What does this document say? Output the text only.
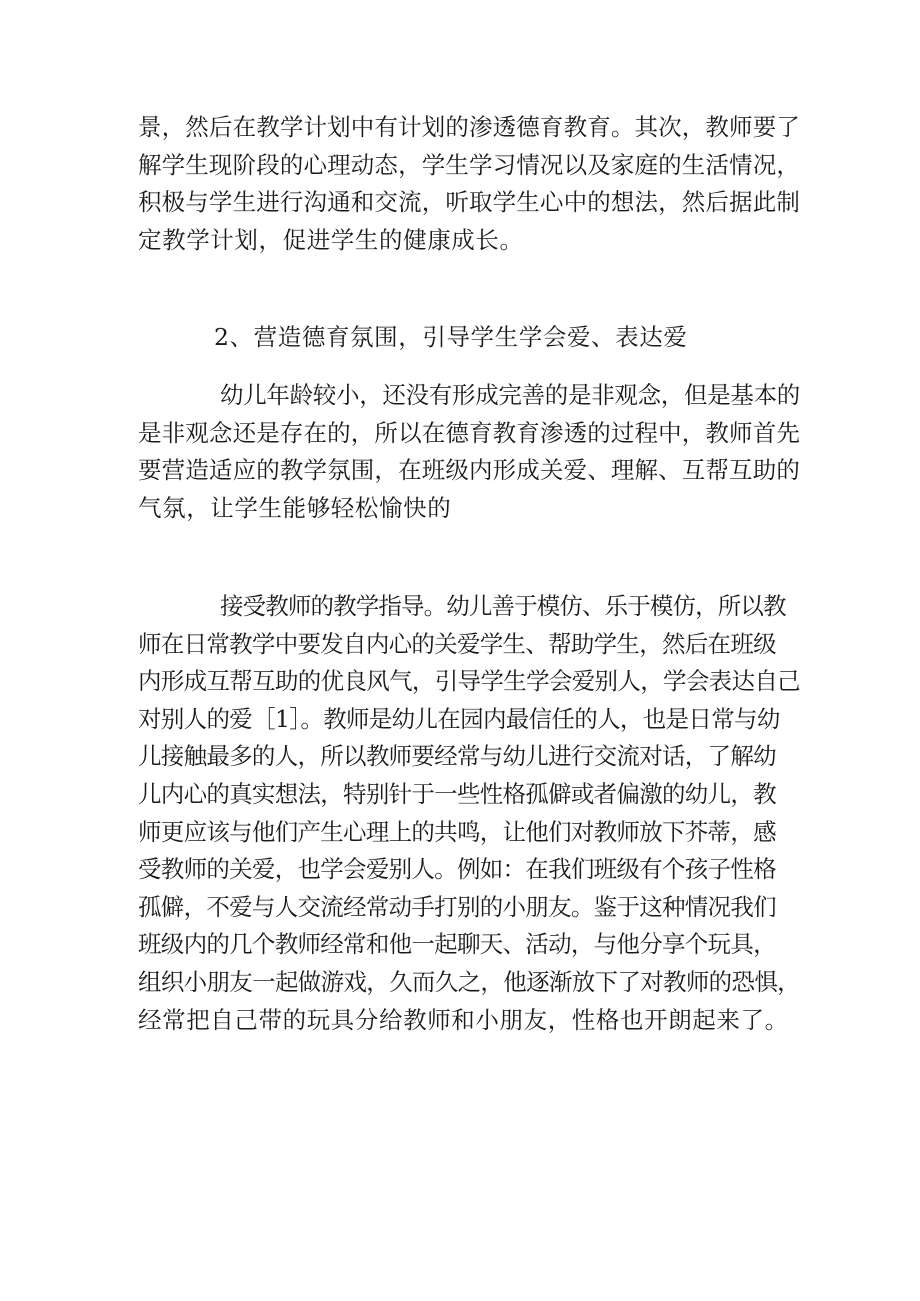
景，然后在教学计划中有计划的渗透德育教育。其次，教师要了
解学生现阶段的心理动态，学生学习情况以及家庭的生活情况，
积极与学生进行沟通和交流，听取学生心中的想法，然后据此制
定教学计划，促进学生的健康成长。
2、营造德育氛围，引导学生学会爱、表达爱
幼儿年龄较小，还没有形成完善的是非观念，但是基本的
是非观念还是存在的，所以在德育教育渗透的过程中，教师首先
要营造适应的教学氛围，在班级内形成关爱、理解、互帮互助的
气氛，让学生能够轻松愉快的
接受教师的教学指导。幼儿善于模仿、乐于模仿，所以教
师在日常教学中要发自内心的关爱学生、帮助学生，然后在班级
内形成互帮互助的优良风气，引导学生学会爱别人，学会表达自己
对别人的爱［1］。教师是幼儿在园内最信任的人，也是日常与幼
儿接触最多的人，所以教师要经常与幼儿进行交流对话，了解幼
儿内心的真实想法，特别针于一些性格孤僻或者偏激的幼儿，教
师更应该与他们产生心理上的共鸣，让他们对教师放下芥蒂，感
受教师的关爱，也学会爱别人。例如：在我们班级有个孩子性格
孤僻，不爱与人交流经常动手打别的小朋友。鉴于这种情况我们
班级内的几个教师经常和他一起聊天、活动，与他分享个玩具，
组织小朋友一起做游戏，久而久之，他逐渐放下了对教师的恐惧，
经常把自己带的玩具分给教师和小朋友，性格也开朗起来了。
